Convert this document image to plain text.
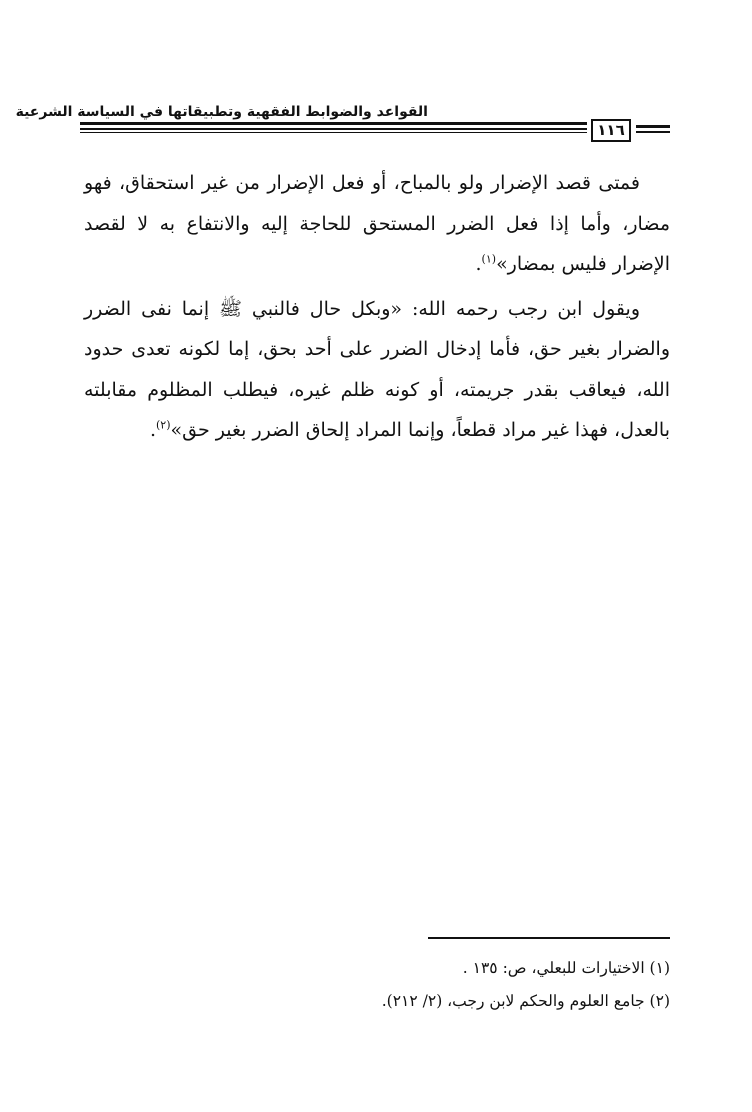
القواعد والضوابط الفقهية وتطبيقاتها في السياسة الشرعية
١١٦

فمتى قصد الإضرار ولو بالمباح، أو فعل الإضرار من غير استحقاق، فهو مضار، وأما إذا فعل الضرر المستحق للحاجة إليه والانتفاع به لا لقصد الإضرار فليس بمضار»$^{(١)}$.

ويقول ابن رجب رحمه الله: «وبكل حال فالنبي ﷺ إنما نفى الضرر والضرار بغير حق، فأما إدخال الضرر على أحد بحق، إما لكونه تعدى حدود الله، فيعاقب بقدر جريمته، أو كونه ظلم غيره، فيطلب المظلوم مقابلته بالعدل، فهذا غير مراد قطعاً، وإنما المراد إلحاق الضرر بغير حق»$^{(٢)}$.

(١) الاختيارات للبعلي، ص: ١٣٥ .
(٢) جامع العلوم والحكم لابن رجب، (٢/ ٢١٢).
